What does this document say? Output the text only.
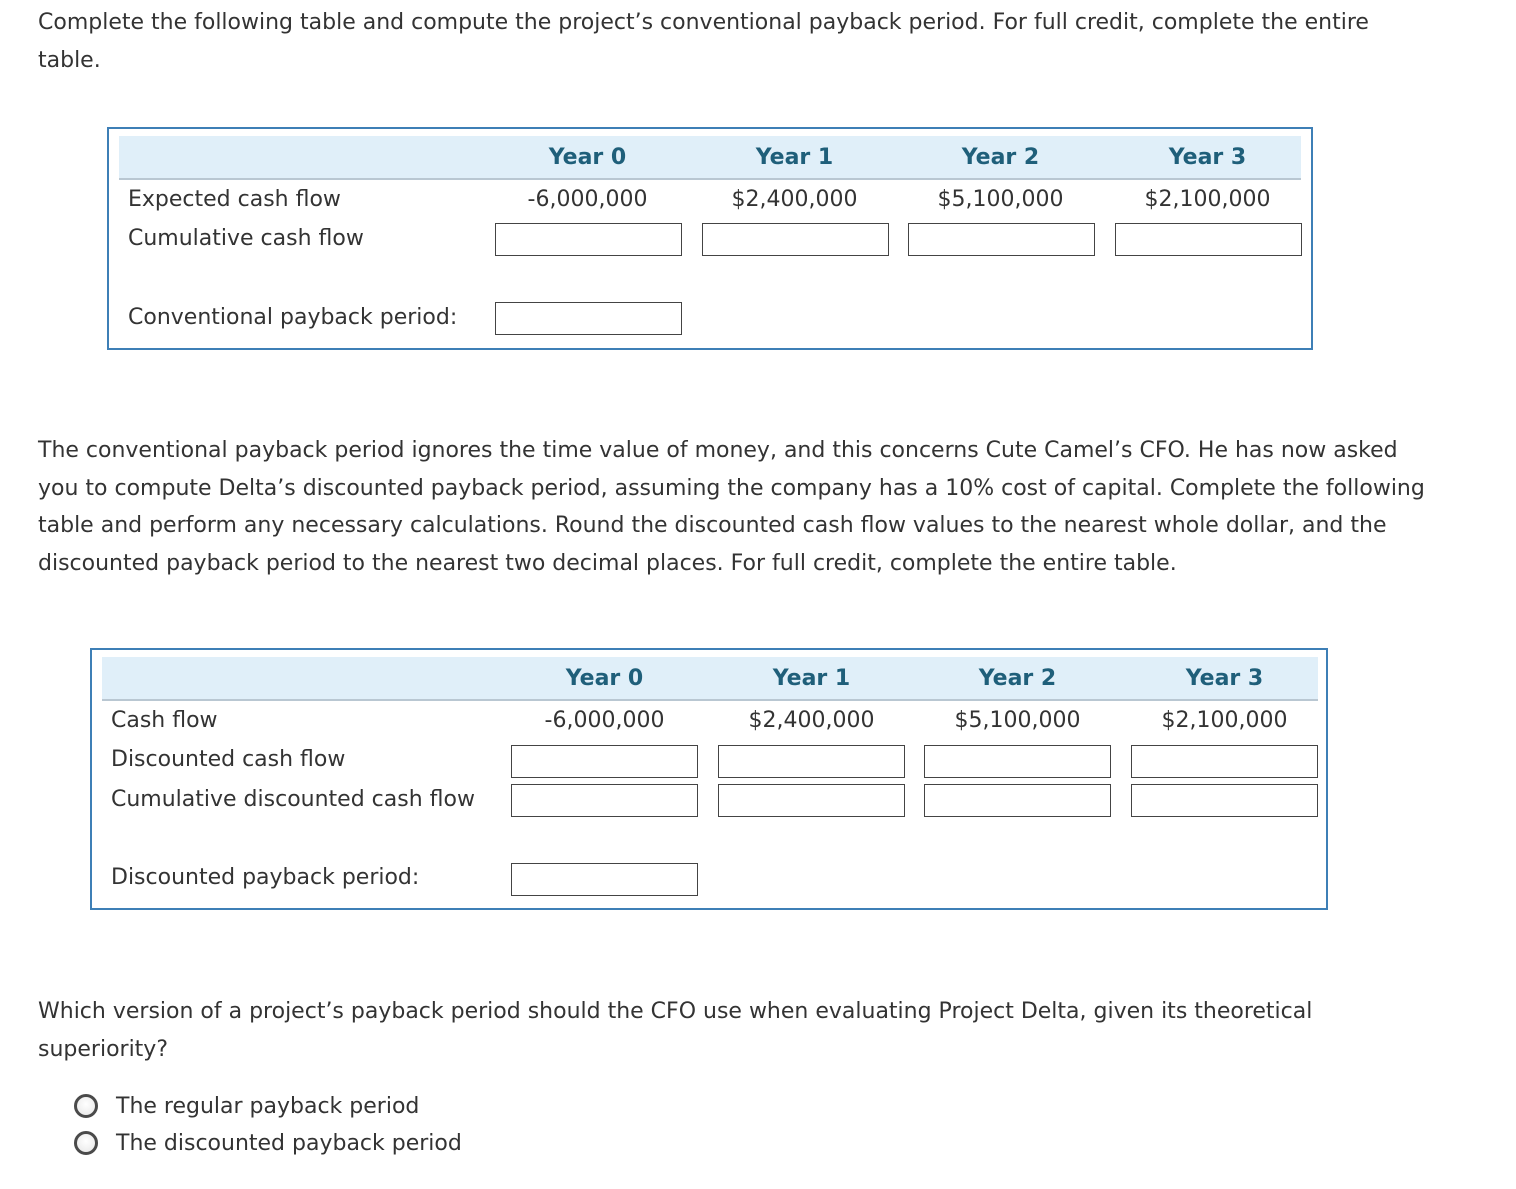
Complete the following table and compute the project’s conventional payback period. For full credit, complete the entire table.

Year 0	Year 1	Year 2	Year 3
Expected cash flow	-6,000,000	$2,400,000	$5,100,000	$2,100,000
Cumulative cash flow
Conventional payback period:

The conventional payback period ignores the time value of money, and this concerns Cute Camel’s CFO. He has now asked you to compute Delta’s discounted payback period, assuming the company has a 10% cost of capital. Complete the following table and perform any necessary calculations. Round the discounted cash flow values to the nearest whole dollar, and the discounted payback period to the nearest two decimal places. For full credit, complete the entire table.

Year 0	Year 1	Year 2	Year 3
Cash flow	-6,000,000	$2,400,000	$5,100,000	$2,100,000
Discounted cash flow
Cumulative discounted cash flow
Discounted payback period:

Which version of a project’s payback period should the CFO use when evaluating Project Delta, given its theoretical superiority?

The regular payback period
The discounted payback period
